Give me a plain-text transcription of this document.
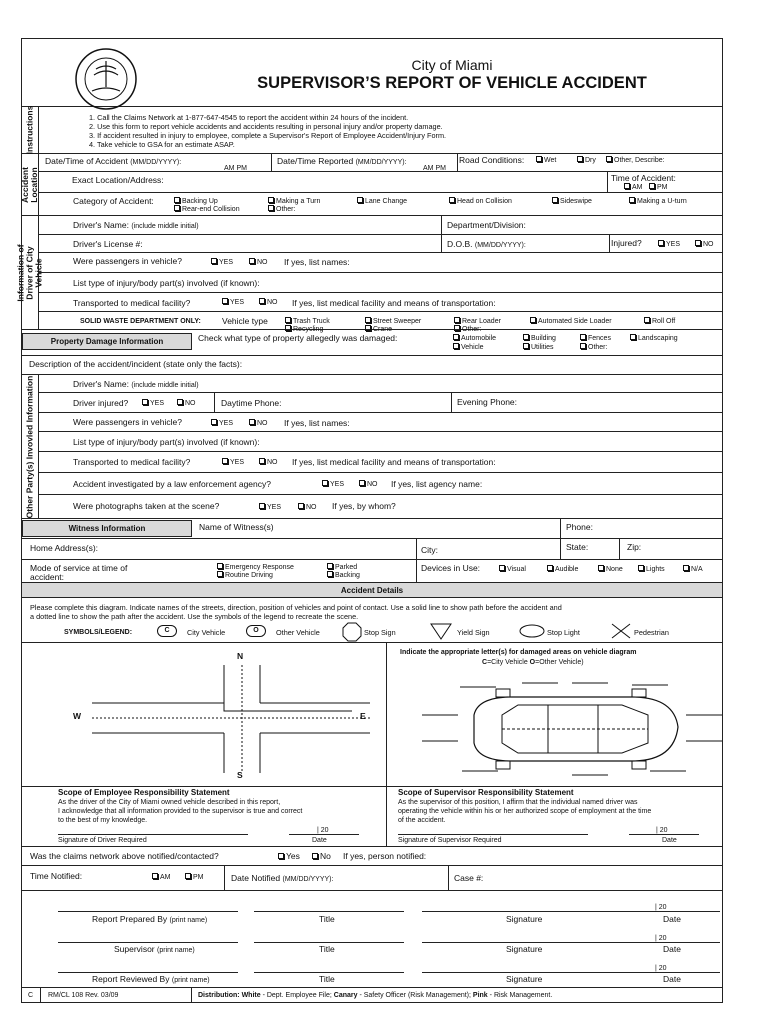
City of Miami
SUPERVISOR’S REPORT OF VEHICLE ACCIDENT
Instructions	1. Call the Claims Network at 1-877-647-4545 to report the accident within 24 hours of the incident.
2. Use this form to report vehicle accidents and accidents resulting in personal injury and/or property damage.
3. If accident resulted in injury to employee, complete a Supervisor's Report of Employee Accident/Injury Form.
4. Take vehicle to GSA for an estimate ASAP.
Accident Location
Date/Time of Accident (MM/DD/YYYY):
AM PM
Date/Time Reported (MM/DD/YYYY):
AM PM
Road Conditions:	Wet	Dry	Other, Describe:
Exact Location/Address:	Time of Accident:
AM	PM
Category of Accident:	Backing Up	Making a Turn	Lane Change	Head on Collision	Sideswipe	Making a U-turn
Rear-end Collision	Other:
Information of Driver of City Vehicle
Driver's Name: (include middle initial)	Department/Division:
Driver's License #:	D.O.B. (MM/DD/YYYY):	Injured?	YES	NO
Were passengers in vehicle?	YES	NO If yes, list names:
List type of injury/body part(s) involved (if known):
Transported to medical facility?	YES	NO If yes, list medical facility and means of transportation:
SOLID WASTE DEPARTMENT ONLY: Vehicle type	Trash Truck	Street Sweeper	Rear Loader	Automated Side Loader	Roll Off
Recycling	Crane	Other:
Property Damage Information	Check what type of property allegedly was damaged:	Automobile	Building	Fences	Landscaping
Vehicle	Utilities	Other:
Description of the accident/incident (state only the facts):
Other Party(s) Invovled Information	Driver's Name: (include middle initial)
Driver injured?	YES	NO	Daytime Phone:	Evening Phone:
Were passengers in vehicle?	YES	NO If yes, list names:
List type of injury/body part(s) involved (if known):
Transported to medical facility?	YES	NO If yes, list medical facility and means of transportation:
Accident investigated by a law enforcement agency?	YES	NO If yes, list agency name:
Were photographs taken at the scene?	YES	NO If yes, by whom?
Witness Information	Name of Witness(s)	Phone:
Home Address(s):	City:	State:	Zip:
Mode of service at time of
accident:
Emergency Response	Parked
Routine Driving	Backing
Devices in Use:	Visual	Audible	None	Lights	N/A
Accident Details
Please complete this diagram. Indicate names of the streets, direction, position of vehicles and point of contact. Use a solid line to show path before the accident and
a dotted line to show the path after the accident. Use the symbols of the legend to recreate the scene.
SYMBOLS/LEGEND:	C	City Vehicle	O	Other Vehicle	Stop Sign	Yield Sign	Stop Light	Pedestrian
N
S
W	E
Indicate the appropriate letter(s) for damaged areas on vehicle diagram
C=City Vehicle O=Other Vehicle)
Scope of Employee Responsibility Statement
As the driver of the City of Miami owned vehicle described in this report,
I acknowledge that all information provided to the supervisor is true and correct
to the best of my knowledge.
| 20
Signature of Driver Required	Date
Scope of Supervisor Responsibility Statement
As the supervisor of this position, I affirm that the individual named driver was
operating the vehicle within his or her authorized scope of employment at the time
of the accident.
| 20
Signature of Supervisor Required	Date
Was the claims network above notified/contacted?	Yes	No If yes, person notified:
Time Notified:	AM	PM	Date Notified (MM/DD/YYYY):	Case #:
| 20
Report Prepared By (print name)	Title	Signature	Date
| 20
Supervisor (print name)	Title	Signature	Date
| 20
Report Reviewed By (print name)	Title	Signature	Date
C RM/CL 108 Rev. 03/09	Distribution: White - Dept. Employee File; Canary - Safety Officer (Risk Management); Pink - Risk Management.
